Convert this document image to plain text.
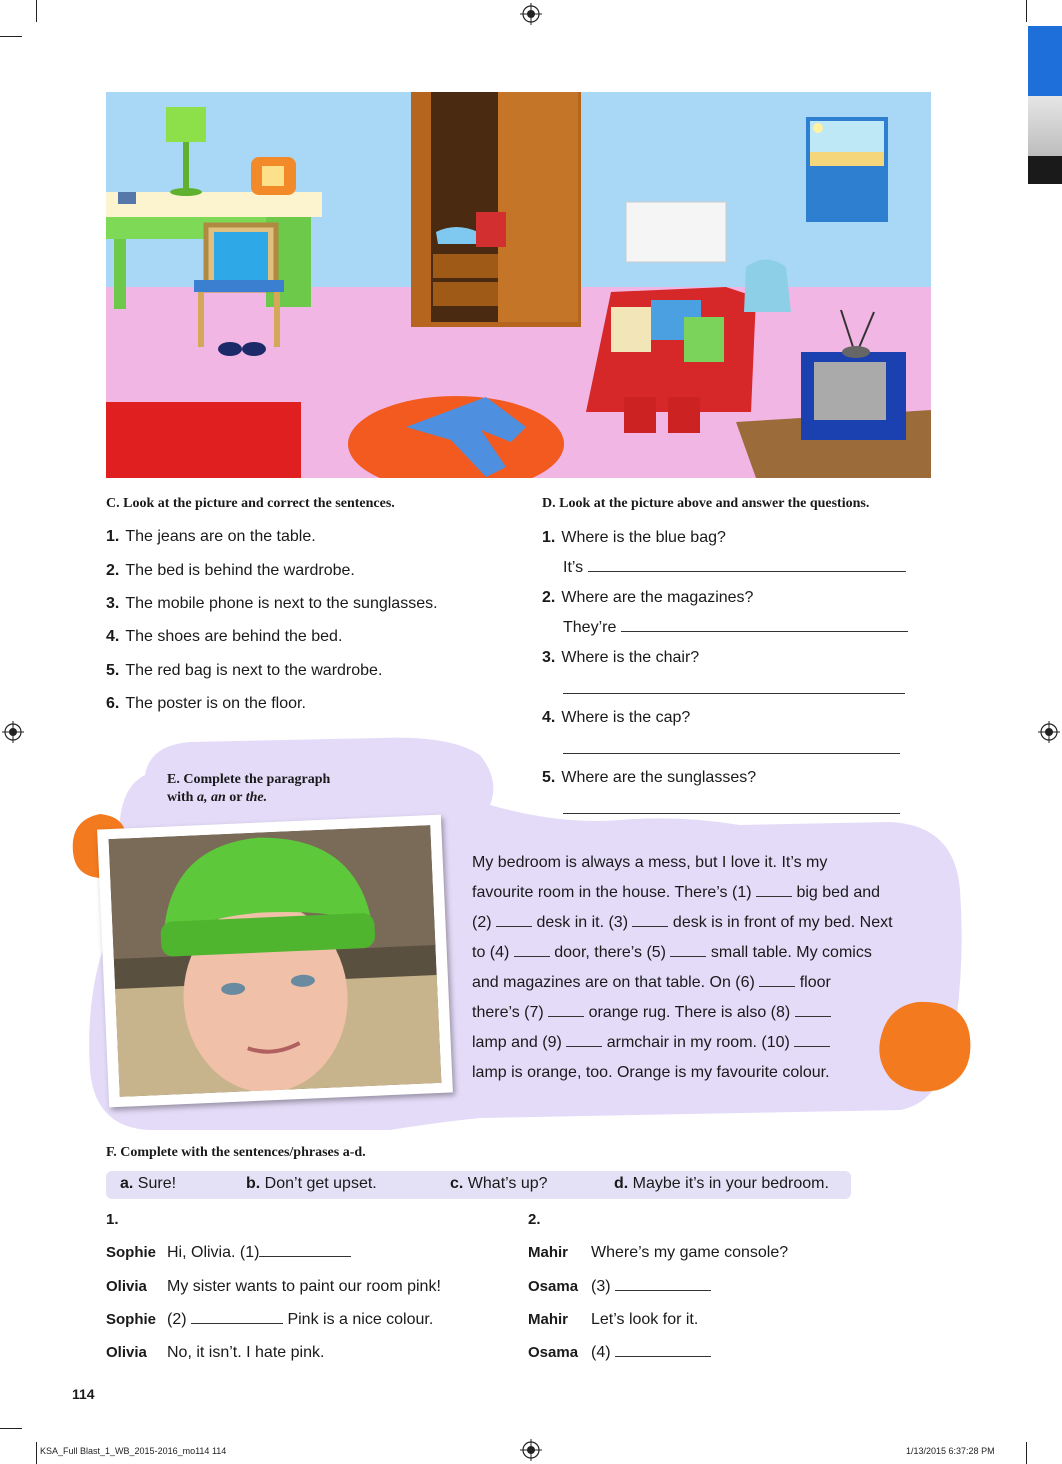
C. Look at the picture and correct the sentences.
1. The jeans are on the table.
2. The bed is behind the wardrobe.
3. The mobile phone is next to the sunglasses.
4. The shoes are behind the bed.
5. The red bag is next to the wardrobe.
6. The poster is on the floor.
D. Look at the picture above and answer the questions.
1. Where is the blue bag?
It’s
2. Where are the magazines?
They’re
3. Where is the chair?
4. Where is the cap?
5. Where are the sunglasses?
E. Complete the paragraph
with a, an or the.
My bedroom is always a mess, but I love it. It’s my
favourite room in the house. There’s (1)  big bed and
(2)  desk in it. (3)  desk is in front of my bed. Next
to (4)  door, there’s (5)  small table. My comics
and magazines are on that table. On (6)  floor
there’s (7)  orange rug. There is also (8)
lamp and (9)  armchair in my room. (10)
lamp is orange, too. Orange is my favourite colour.
F. Complete with the sentences/phrases a-d.
a. Sure!	b. Don’t get upset.	c. What’s up?	d. Maybe it’s in your bedroom.
1.
Sophie Hi, Olivia. (1)
Olivia My sister wants to paint our room pink!
Sophie (2)	Pink is a nice colour.
Olivia No, it isn’t. I hate pink.
2.
Mahir Where’s my game console?
Osama (3)
Mahir Let’s look for it.
Osama (4)
114
KSA_Full Blast_1_WB_2015-2016_mo114 114	1/13/2015 6:37:28 PM
